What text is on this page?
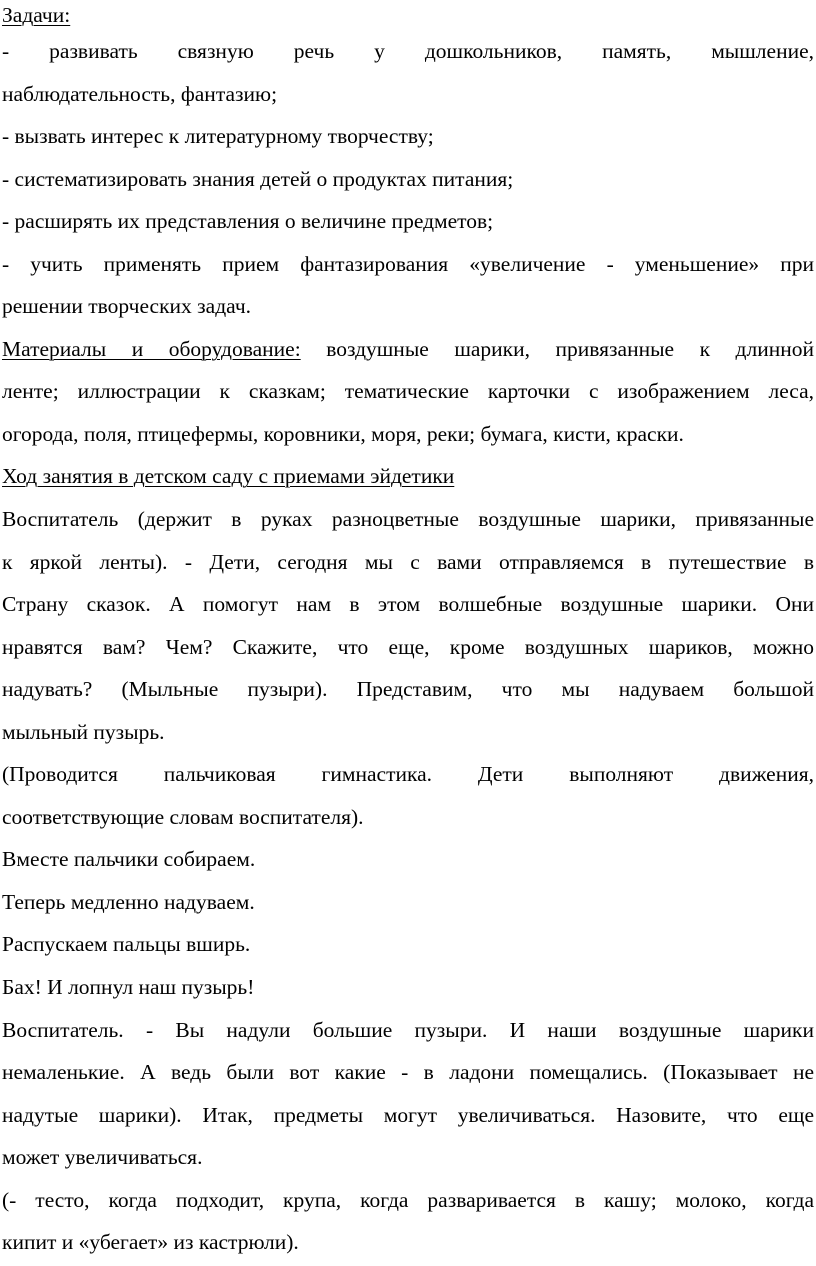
Задачи:
- развивать связную речь у дошкольников, память, мышление,
наблюдательность, фантазию;
- вызвать интерес к литературному творчеству;
- систематизировать знания детей о продуктах питания;
- расширять их представления о величине предметов;
- учить применять прием фантазирования «увеличение - уменьшение» при
решении творческих задач.
Материалы и оборудование: воздушные шарики, привязанные к длинной
ленте; иллюстрации к сказкам; тематические карточки с изображением леса,
огорода, поля, птицефермы, коровники, моря, реки; бумага, кисти, краски.
Ход занятия в детском саду с приемами эйдетики
Воспитатель (держит в руках разноцветные воздушные шарики, привязанные
к яркой ленты). - Дети, сегодня мы с вами отправляемся в путешествие в
Страну сказок. А помогут нам в этом волшебные воздушные шарики. Они
нравятся вам? Чем? Скажите, что еще, кроме воздушных шариков, можно
надувать? (Мыльные пузыри). Представим, что мы надуваем большой
мыльный пузырь.
(Проводится пальчиковая гимнастика. Дети выполняют движения,
соответствующие словам воспитателя).
Вместе пальчики собираем.
Теперь медленно надуваем.
Распускаем пальцы вширь.
Бах! И лопнул наш пузырь!
Воспитатель. - Вы надули большие пузыри. И наши воздушные шарики
немаленькие. А ведь были вот какие - в ладони помещались. (Показывает не
надутые шарики). Итак, предметы могут увеличиваться. Назовите, что еще
может увеличиваться.
(- тесто, когда подходит, крупа, когда разваривается в кашу; молоко, когда
кипит и «убегает» из кастрюли).
